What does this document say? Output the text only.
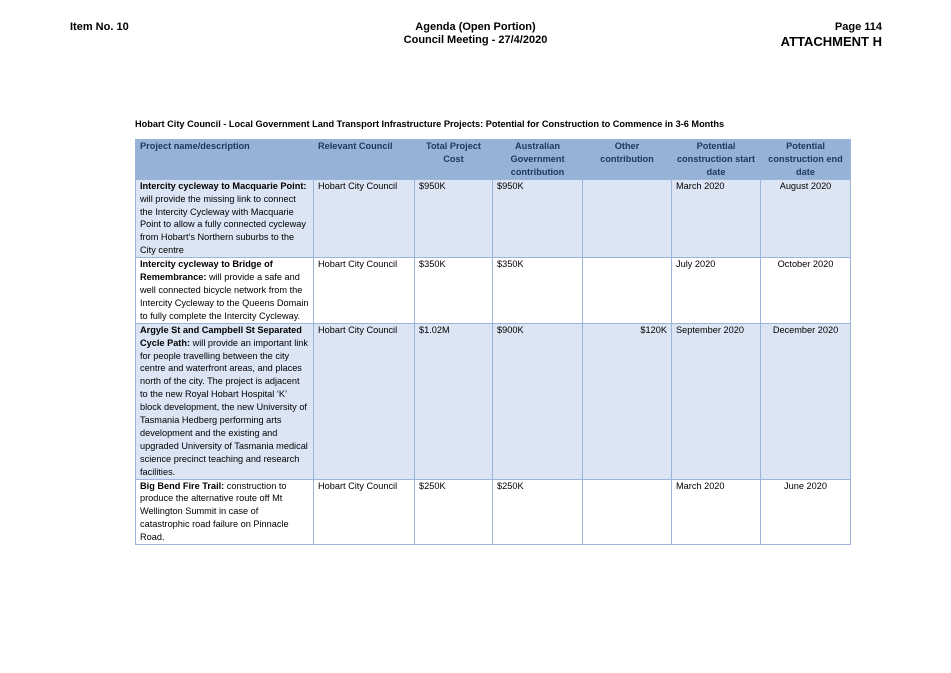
Item No. 10	Agenda (Open Portion)
Council Meeting - 27/4/2020
Page 114
ATTACHMENT H
Hobart City Council - Local Government Land Transport Infrastructure Projects: Potential for Construction to Commence in 3-6 Months
Project name/description	Relevant Council	Total Project Cost	Australian Government contribution	Other contribution	Potential construction start date	Potential construction end date
Intercity cycleway to Macquarie Point: will provide the missing link to connect the Intercity Cycleway with Macquarie Point to allow a fully connected cycleway from Hobart’s Northern suburbs to the City centre	Hobart City Council	$950K	$950K		March 2020	August 2020
Intercity cycleway to Bridge of Remembrance: will provide a safe and well connected bicycle network from the Intercity Cycleway to the Queens Domain to fully complete the Intercity Cycleway.	Hobart City Council	$350K	$350K		July 2020	October 2020
Argyle St and Campbell St Separated Cycle Path: will provide an important link for people travelling between the city centre and waterfront areas, and places north of the city. The project is adjacent to the new Royal Hobart Hospital ‘K’ block development, the new University of Tasmania Hedberg performing arts development and the existing and upgraded University of Tasmania medical science precinct teaching and research facilities.	Hobart City Council	$1.02M	$900K	$120K	September 2020	December 2020
Big Bend Fire Trail: construction to produce the alternative route off Mt Wellington Summit in case of catastrophic road failure on Pinnacle Road.	Hobart City Council	$250K	$250K		March 2020	June 2020
